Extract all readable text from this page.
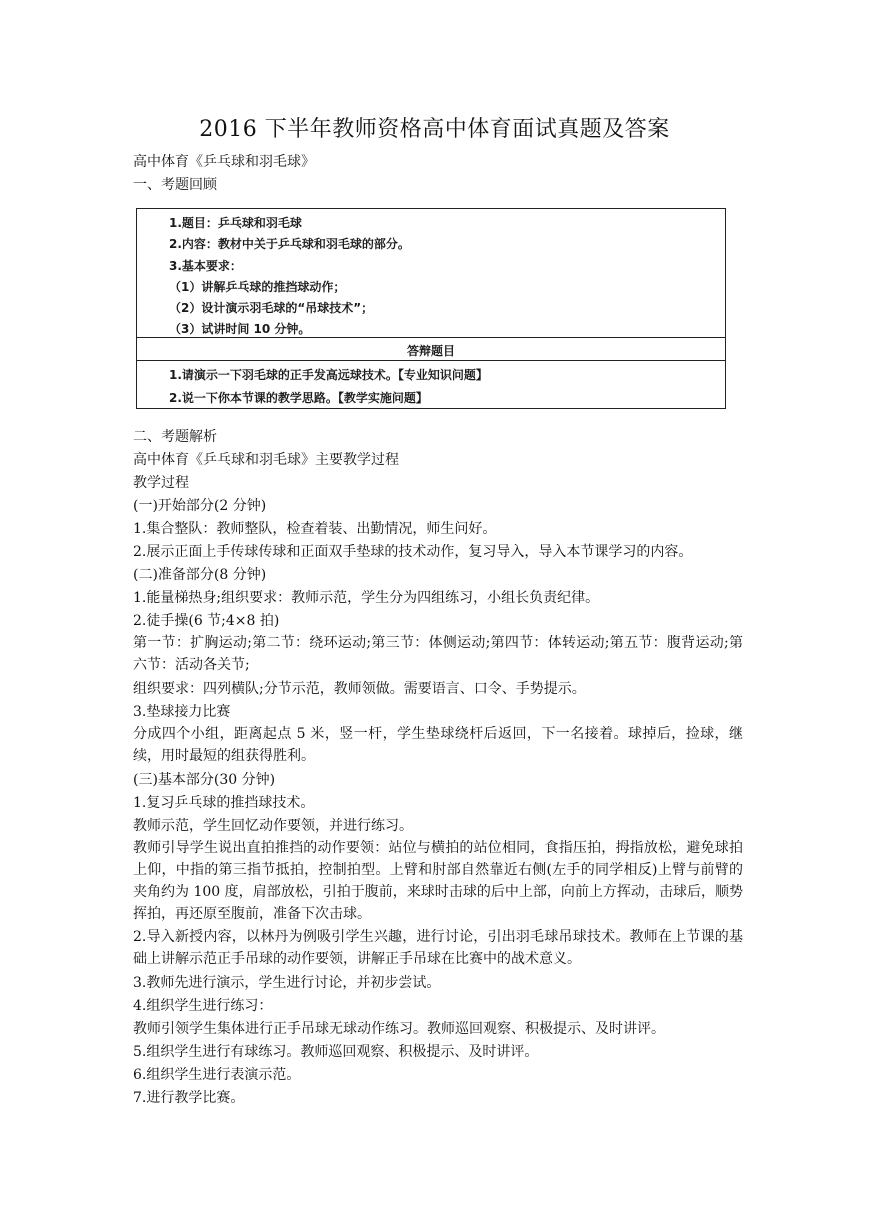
2016 下半年教师资格高中体育面试真题及答案
高中体育《乒乓球和羽毛球》
一、考题回顾
1.题目：乒乓球和羽毛球
2.内容：教材中关于乒乓球和羽毛球的部分。
3.基本要求：
（1）讲解乒乓球的推挡球动作；
（2）设计演示羽毛球的“吊球技术”；
（3）试讲时间 10 分钟。
答辩题目
1.请演示一下羽毛球的正手发高远球技术。【专业知识问题】
2.说一下你本节课的教学思路。【教学实施问题】
二、考题解析
高中体育《乒乓球和羽毛球》主要教学过程
教学过程
(一)开始部分(2 分钟)
1.集合整队：教师整队，检查着装、出勤情况，师生问好。
2.展示正面上手传球传球和正面双手垫球的技术动作，复习导入，导入本节课学习的内容。
(二)准备部分(8 分钟)
1.能量梯热身;组织要求：教师示范，学生分为四组练习，小组长负责纪律。
2.徒手操(6 节;4×8 拍)
第一节：扩胸运动;第二节：绕环运动;第三节：体侧运动;第四节：体转运动;第五节：腹背运动;第六节：活动各关节;
组织要求：四列横队;分节示范，教师领做。需要语言、口令、手势提示。
3.垫球接力比赛
分成四个小组，距离起点 5 米，竖一杆，学生垫球绕杆后返回，下一名接着。球掉后，捡球，继续，用时最短的组获得胜利。
(三)基本部分(30 分钟)
1.复习乒乓球的推挡球技术。
教师示范，学生回忆动作要领，并进行练习。
教师引导学生说出直拍推挡的动作要领：站位与横拍的站位相同，食指压拍，拇指放松，避免球拍上仰，中指的第三指节抵拍，控制拍型。上臂和肘部自然靠近右侧(左手的同学相反)上臂与前臂的夹角约为 100 度，肩部放松，引拍于腹前，来球时击球的后中上部，向前上方挥动，击球后，顺势挥拍，再还原至腹前，准备下次击球。
2.导入新授内容，以林丹为例吸引学生兴趣，进行讨论，引出羽毛球吊球技术。教师在上节课的基础上讲解示范正手吊球的动作要领，讲解正手吊球在比赛中的战术意义。
3.教师先进行演示，学生进行讨论，并初步尝试。
4.组织学生进行练习：
教师引领学生集体进行正手吊球无球动作练习。教师巡回观察、积极提示、及时讲评。
5.组织学生进行有球练习。教师巡回观察、积极提示、及时讲评。
6.组织学生进行表演示范。
7.进行教学比赛。
